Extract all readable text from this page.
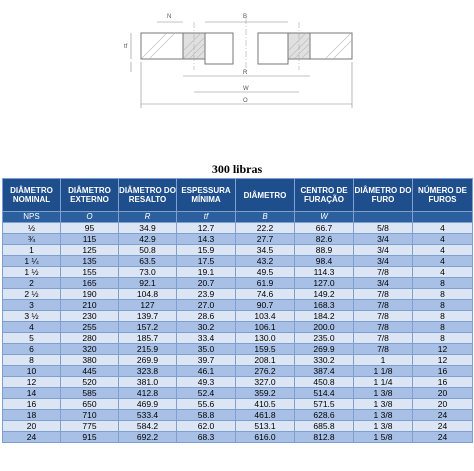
N	B
tf
R
W
O
300 libras
DIÂMETRO NOMINAL	DIÂMETRO EXTERNO	DIÂMETRO DO RESALTO	ESPESSURA MÍNIMA	DIÂMETRO	CENTRO DE FURAÇÃO	DIÂMETRO DO FURO	NÚMERO DE FUROS
NPS	O	R	tf	B	W		
½	95	34.9	12.7	22.2	66.7	5/8	4
¾	115	42.9	14.3	27.7	82.6	3/4	4
1	125	50.8	15.9	34.5	88.9	3/4	4
1 ¼	135	63.5	17.5	43.2	98.4	3/4	4
1 ½	155	73.0	19.1	49.5	114.3	7/8	4
2	165	92.1	20.7	61.9	127.0	3/4	8
2 ½	190	104.8	23.9	74.6	149.2	7/8	8
3	210	127	27.0	90.7	168.3	7/8	8
3 ½	230	139.7	28.6	103.4	184.2	7/8	8
4	255	157.2	30.2	106.1	200.0	7/8	8
5	280	185.7	33.4	130.0	235.0	7/8	8
6	320	215.9	35.0	159.5	269.9	7/8	12
8	380	269.9	39.7	208.1	330.2	1	12
10	445	323.8	46.1	276.2	387.4	1 1/8	16
12	520	381.0	49.3	327.0	450.8	1 1/4	16
14	585	412.8	52.4	359.2	514.4	1 3/8	20
16	650	469.9	55.6	410.5	571.5	1 3/8	20
18	710	533.4	58.8	461.8	628.6	1 3/8	24
20	775	584.2	62.0	513.1	685.8	1 3/8	24
24	915	692.2	68.3	616.0	812.8	1 5/8	24
